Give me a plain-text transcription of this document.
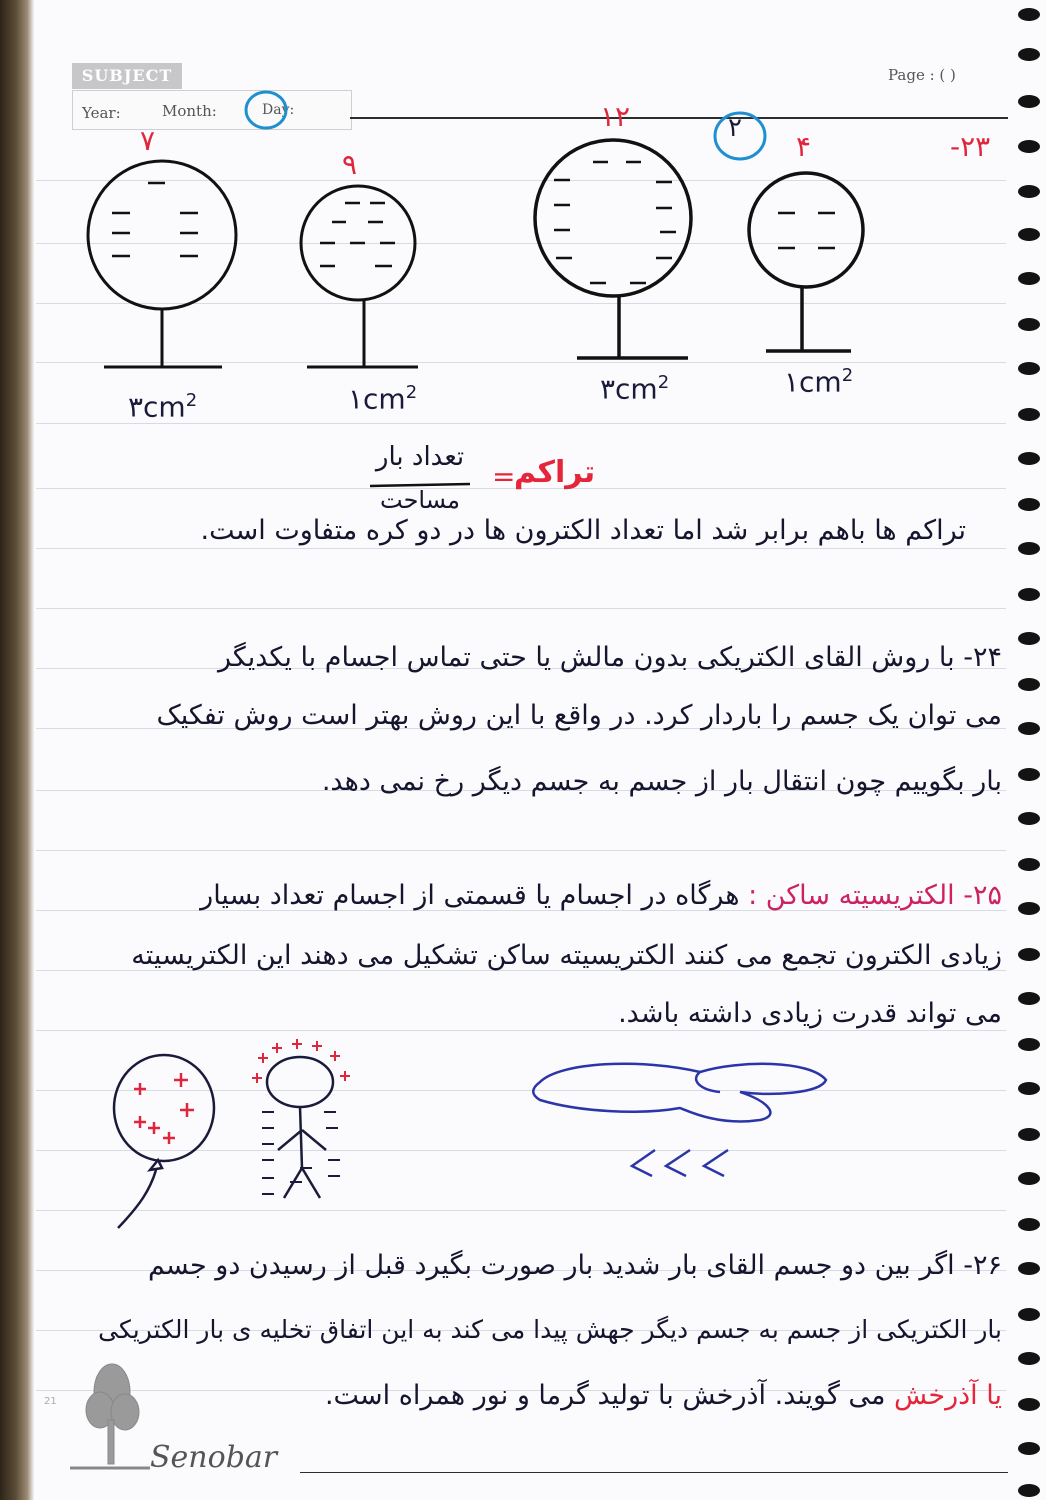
SUBJECT
Year:	Month:	Day:
Page : ( )
-۲۳
۲
۴
۱۲
۹
۷
$۱cm^2$
$۳cm^2$
$۱cm^2$
$۳cm^2$
تراکم
=
تعداد بار
مساحت
تراکم ها باهم برابر شد اما تعداد الکترون ها در دو کره متفاوت است.
۲۴- با روش القای الکتریکی بدون مالش یا حتی تماس اجسام با یکدیگر
می توان یک جسم را باردار کرد. در واقع با این روش بهتر است روش تفکیک
بار بگوییم چون انتقال بار از جسم به جسم دیگر رخ نمی دهد.
۲۵- الکتریسیته ساکن : هرگاه در اجسام یا قسمتی از اجسام تعداد بسیار
زیادی الکترون تجمع می کنند الکتریسیته ساکن تشکیل می دهند این الکتریسیته
می تواند قدرت زیادی داشته باشد.
۲۶- اگر بین دو جسم القای بار شدید بار صورت بگیرد قبل از رسیدن دو جسم
بار الکتریکی از جسم به جسم دیگر جهش پیدا می کند به این اتفاق تخلیه ی بار الکتریکی
یا آذرخش می گویند. آذرخش با تولید گرما و نور همراه است.
Senobar
21
